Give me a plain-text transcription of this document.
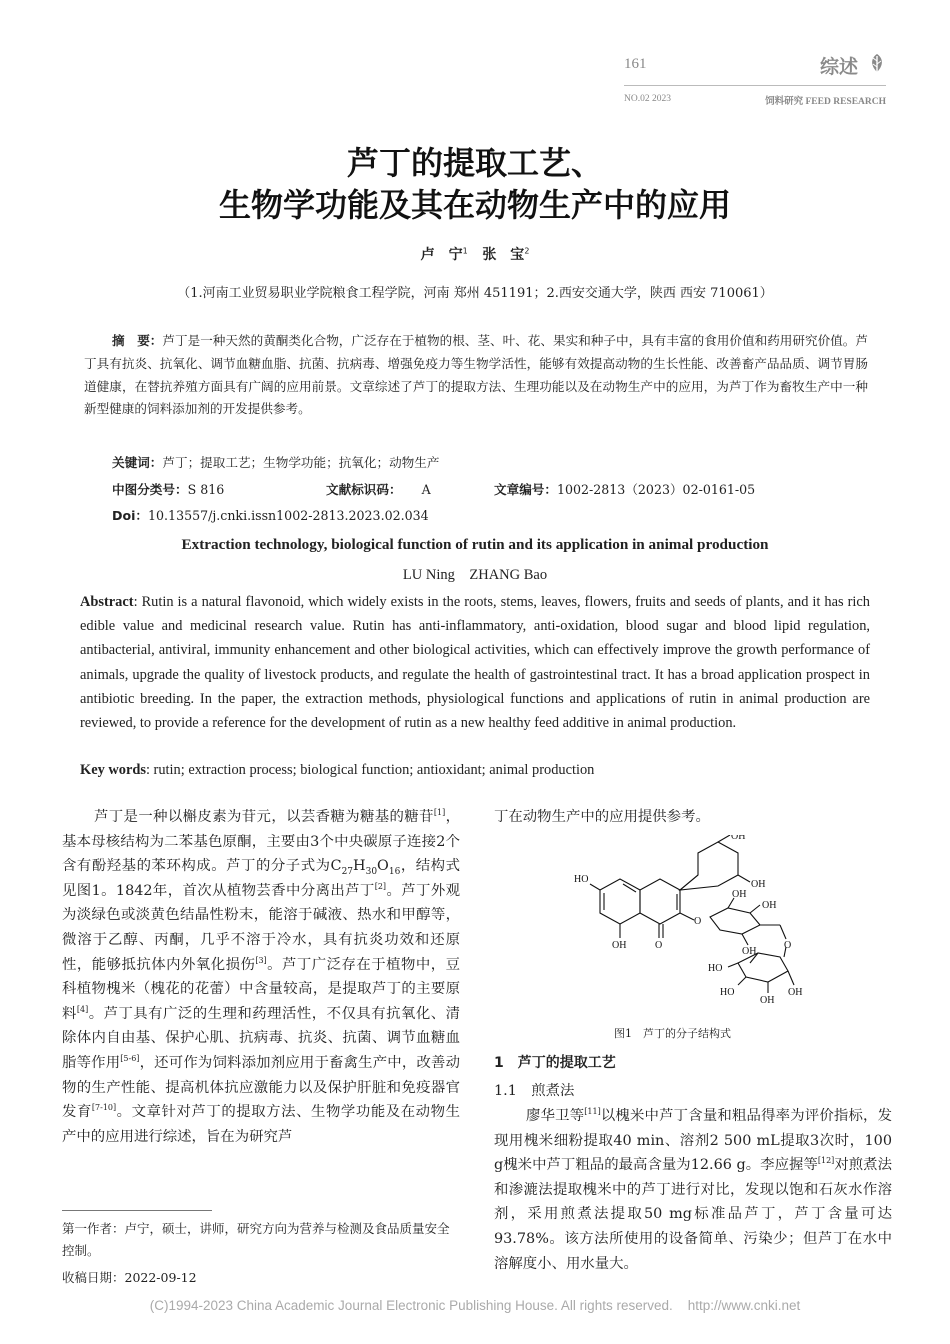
161	综述
NO.02 2023	饲料研究 FEED RESEARCH
芦丁的提取工艺、
生物学功能及其在动物生产中的应用
卢　宁$^1$ 张　宝$^2$
（1.河南工业贸易职业学院粮食工程学院，河南 郑州 451191；2.西安交通大学，陕西 西安 710061）
摘　要：芦丁是一种天然的黄酮类化合物，广泛存在于植物的根、茎、叶、花、果实和种子中，具有丰富的食用价值和药用研究价值。芦丁具有抗炎、抗氧化、调节血糖血脂、抗菌、抗病毒、增强免疫力等生物学活性，能够有效提高动物的生长性能、改善畜产品品质、调节胃肠道健康，在替抗养殖方面具有广阔的应用前景。文章综述了芦丁的提取方法、生理功能以及在动物生产中的应用，为芦丁作为畜牧生产中一种新型健康的饲料添加剂的开发提供参考。
关键词：芦丁；提取工艺；生物学功能；抗氧化；动物生产
中图分类号：S 816	文献标识码： A	文章编号：1002-2813（2023）02-0161-05
Doi：10.13557/j.cnki.issn1002-2813.2023.02.034
Extraction technology, biological function of rutin and its application in animal production
LU Ning    ZHANG Bao
Abstract: Rutin is a natural flavonoid, which widely exists in the roots, stems, leaves, flowers, fruits and seeds of plants, and it has rich edible value and medicinal research value. Rutin has anti-inflammatory, anti-oxidation, blood sugar and blood lipid regulation, antibacterial, antiviral, immunity enhancement and other biological activities, which can effectively improve the growth performance of animals, upgrade the quality of livestock products, and regulate the health of gastrointestinal tract. It has a broad application prospect in antibiotic breeding. In the paper, the extraction methods, physiological functions and applications of rutin in animal production are reviewed, to provide a reference for the development of rutin as a new healthy feed additive in animal production.
Key words: rutin; extraction process; biological function; antioxidant; animal production
芦丁是一种以槲皮素为苷元，以芸香糖为糖基的糖苷[1]，基本母核结构为二苯基色原酮，主要由3个中央碳原子连接2个含有酚羟基的苯环构成。芦丁的分子式为$C_{27}H_{30}O_{16}$，结构式见图1。1842年，首次从植物芸香中分离出芦丁[2]。芦丁外观为淡绿色或淡黄色结晶性粉末，能溶于碱液、热水和甲醇等，微溶于乙醇、丙酮，几乎不溶于冷水，具有抗炎功效和还原性，能够抵抗体内外氧化损伤[3]。芦丁广泛存在于植物中，豆科植物槐米（槐花的花蕾）中含量较高，是提取芦丁的主要原料[4]。芦丁具有广泛的生理和药理活性，不仅具有抗氧化、清除体内自由基、保护心肌、抗病毒、抗炎、抗菌、调节血糖血脂等作用[5-6]，还可作为饲料添加剂应用于畜禽生产中，改善动物的生产性能、提高机体抗应激能力以及保护肝脏和免疫器官发育[7-10]。文章针对芦丁的提取方法、生物学功能及在动物生产中的应用进行综述，旨在为研究芦
丁在动物生产中的应用提供参考。
HO
OH	O
OH
OH
O
OH
OH
OH
O
HO
HO
OH
OH
图1　芦丁的分子结构式
1　芦丁的提取工艺
1.1　煎煮法
廖华卫等[11]以槐米中芦丁含量和粗品得率为评价指标，发现用槐米细粉提取40 min、溶剂2 500 mL提取3次时，100 g槐米中芦丁粗品的最高含量为12.66 g。李应握等[12]对煎煮法和渗漉法提取槐米中的芦丁进行对比，发现以饱和石灰水作溶剂，采用煎煮法提取50 mg标准品芦丁，芦丁含量可达93.78%。该方法所使用的设备简单、污染少；但芦丁在水中溶解度小、用水量大。
第一作者：卢宁，硕士，讲师，研究方向为营养与检测及食品质量安全控制。
收稿日期：2022-09-12
(C)1994-2023 China Academic Journal Electronic Publishing House. All rights reserved.    http://www.cnki.net
